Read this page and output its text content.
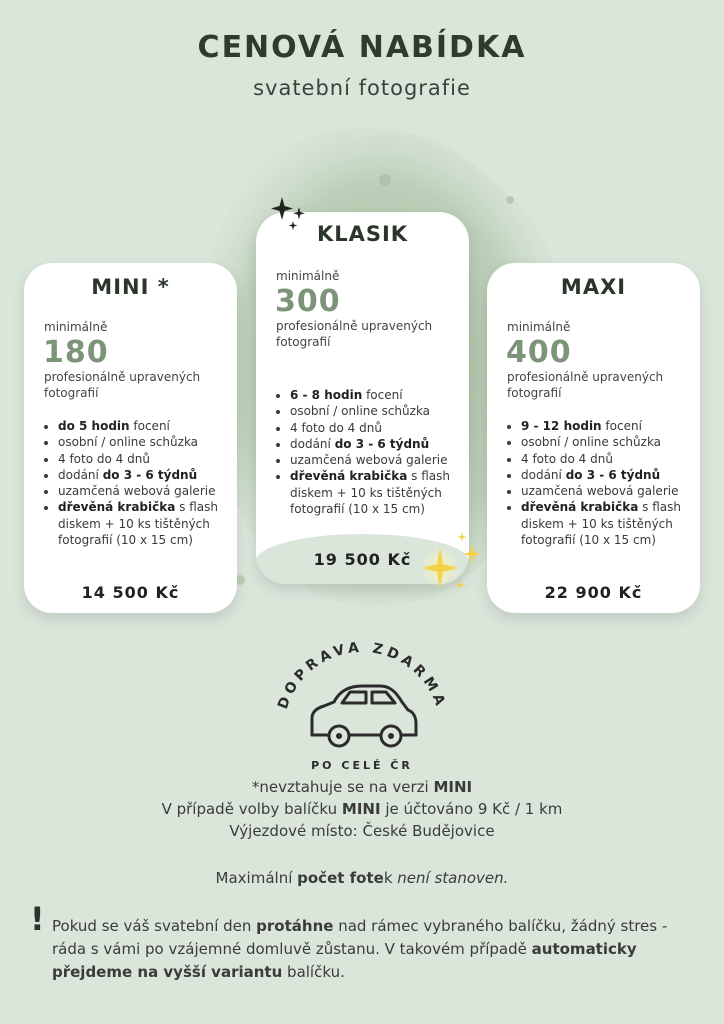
CENOVÁ NABÍDKA
svatební fotografie
MINI *
minimálně
180
profesionálně upravených fotografií
• do 5 hodin focení
• osobní / online schůzka
• 4 foto do 4 dnů
• dodání do 3 - 6 týdnů
• uzamčená webová galerie
• dřevěná krabička s flash diskem + 10 ks tištěných fotografií (10 x 15 cm)
14 500 Kč
KLASIK
minimálně
300
profesionálně upravených fotografií
• 6 - 8 hodin focení
• osobní / online schůzka
• 4 foto do 4 dnů
• dodání do 3 - 6 týdnů
• uzamčená webová galerie
• dřevěná krabička s flash diskem + 10 ks tištěných fotografií (10 x 15 cm)
19 500 Kč
MAXI
minimálně
400
profesionálně upravených fotografií
• 9 - 12 hodin focení
• osobní / online schůzka
• 4 foto do 4 dnů
• dodání do 3 - 6 týdnů
• uzamčená webová galerie
• dřevěná krabička s flash diskem + 10 ks tištěných fotografií (10 x 15 cm)
22 900 Kč
DOPRAVA ZDARMA
PO CELÉ ČR
*nevztahuje se na verzi MINI
V případě volby balíčku MINI je účtováno 9 Kč / 1 km
Výjezdové místo: České Budějovice
Maximální počet fotek není stanoven.
! Pokud se váš svatební den protáhne nad rámec vybraného balíčku, žádný stres - ráda s vámi po vzájemné domluvě zůstanu. V takovém případě automaticky přejdeme na vyšší variantu balíčku.
